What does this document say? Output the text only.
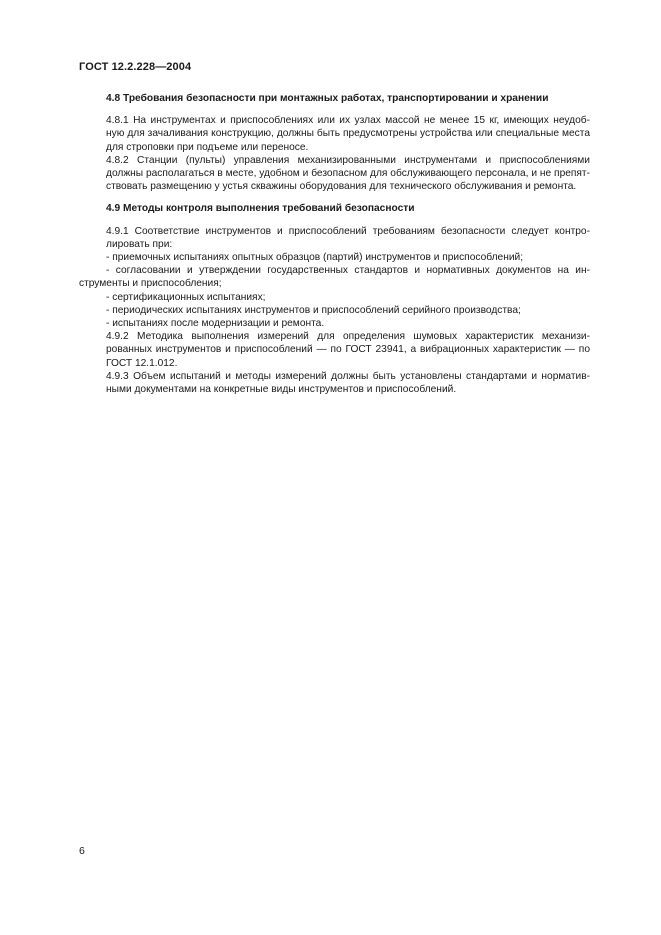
ГОСТ 12.2.228—2004
4.8 Требования безопасности при монтажных работах, транспортировании и хранении
4.8.1 На инструментах и приспособлениях или их узлах массой не менее 15 кг, имеющих неудоб-
ную для зачаливания конструкцию, должны быть предусмотрены устройства или специальные места
для строповки при подъеме или переносе.
4.8.2 Станции (пульты) управления механизированными инструментами и приспособлениями
должны располагаться в месте, удобном и безопасном для обслуживающего персонала, и не препят-
ствовать размещению у устья скважины оборудования для технического обслуживания и ремонта.
4.9 Методы контроля выполнения требований безопасности
4.9.1 Соответствие инструментов и приспособлений требованиям безопасности следует контро-
лировать при:
- приемочных испытаниях опытных образцов (партий) инструментов и приспособлений;
- согласовании и утверждении государственных стандартов и нормативных документов на ин-
струменты и приспособления;
- сертификационных испытаниях;
- периодических испытаниях инструментов и приспособлений серийного производства;
- испытаниях после модернизации и ремонта.
4.9.2 Методика выполнения измерений для определения шумовых характеристик механизи-
рованных инструментов и приспособлений — по ГОСТ 23941, а вибрационных характеристик — по
ГОСТ 12.1.012.
4.9.3 Объем испытаний и методы измерений должны быть установлены стандартами и норматив-
ными документами на конкретные виды инструментов и приспособлений.
6
